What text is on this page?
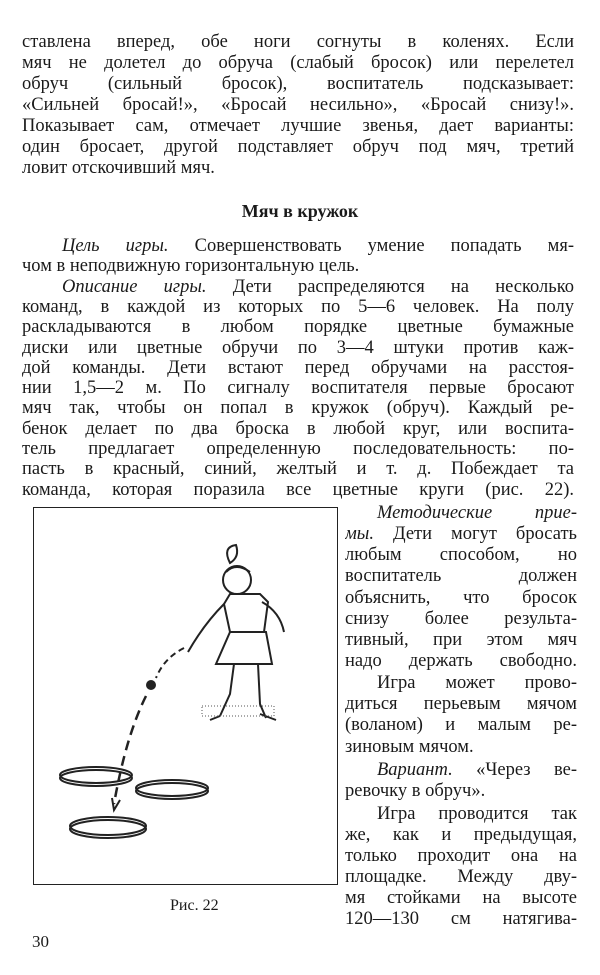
ставлена вперед, обе ноги согнуты в коленях. Если
мяч не долетел до обруча (слабый бросок) или перелетел
обруч (сильный бросок), воспитатель подсказывает:
«Сильней бросай!», «Бросай несильно», «Бросай снизу!».
Показывает сам, отмечает лучшие звенья, дает варианты:
один бросает, другой подставляет обруч под мяч, третий
ловит отскочивший мяч.
Мяч в кружок
Цель игры. Совершенствовать умение попадать мя-
чом в неподвижную горизонтальную цель.
Описание игры. Дети распределяются на несколько
команд, в каждой из которых по 5—6 человек. На полу
раскладываются в любом порядке цветные бумажные
диски или цветные обручи по 3—4 штуки против каж-
дой команды. Дети встают перед обручами на расстоя-
нии 1,5—2 м. По сигналу воспитателя первые бросают
мяч так, чтобы он попал в кружок (обруч). Каждый ре-
бенок делает по два броска в любой круг, или воспита-
тель предлагает определенную последовательность: по-
пасть в красный, синий, желтый и т. д. Побеждает та
команда, которая поразила все цветные круги (рис. 22).
Рис. 22
Методические прие-
мы. Дети могут бросать
любым способом, но
воспитатель должен
объяснить, что бросок
снизу более результа-
тивный, при этом мяч
надо держать свободно.
Игра может прово-
диться перьевым мячом
(воланом) и малым ре-
зиновым мячом.
Вариант. «Через ве-
ревочку в обруч».
Игра проводится так
же, как и предыдущая,
только проходит она на
площадке. Между дву-
мя стойками на высоте
120—130 см натягива-
30
